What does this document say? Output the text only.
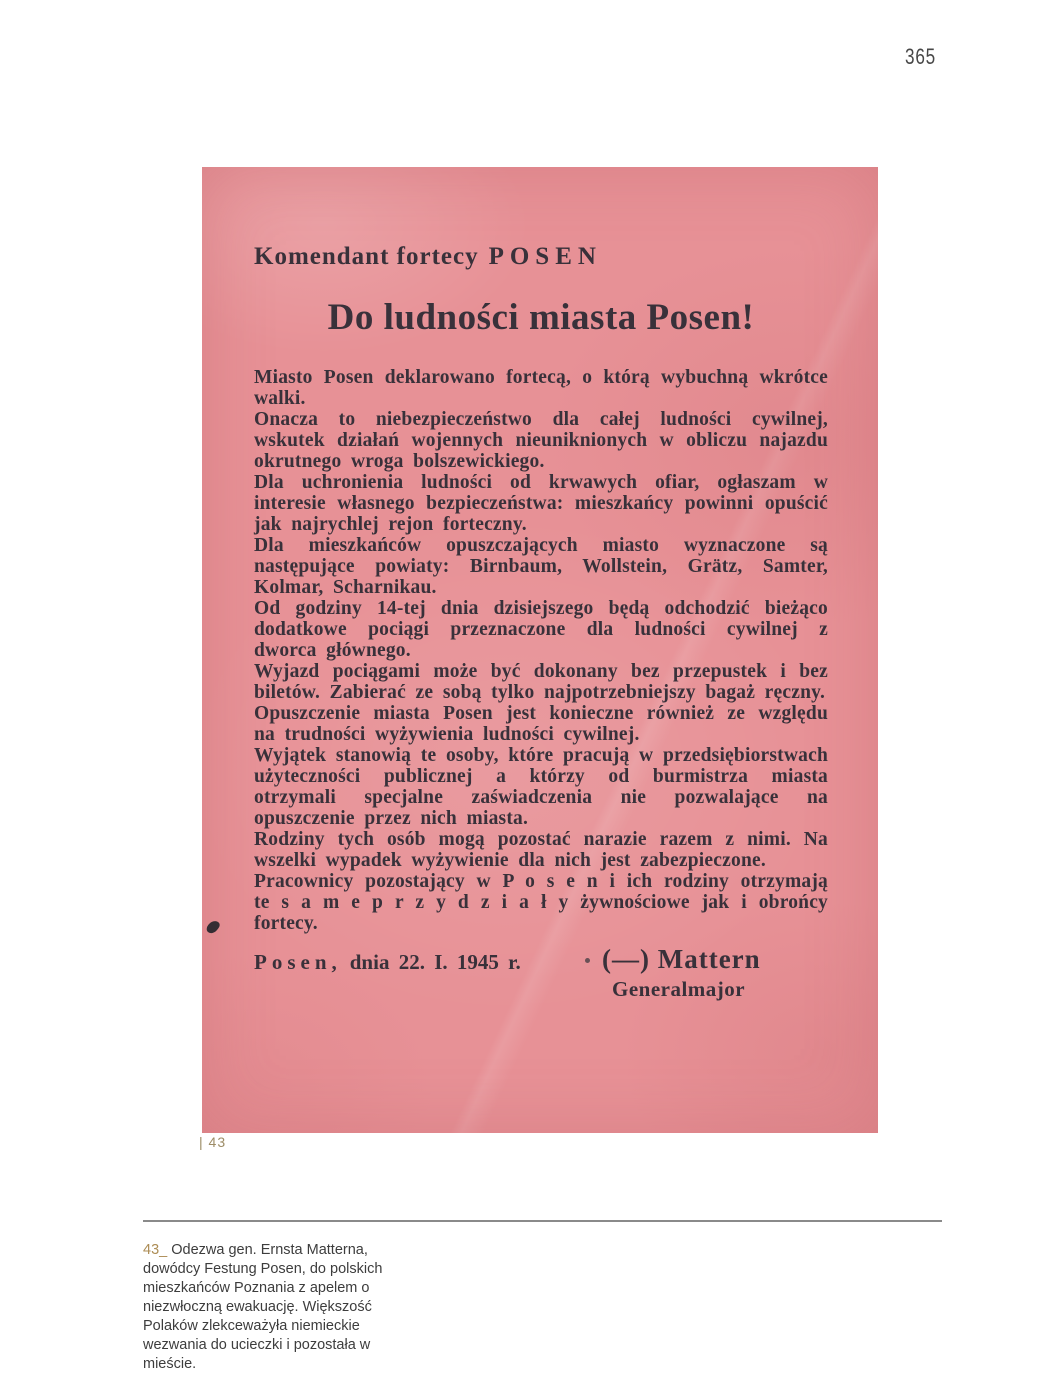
365
Komendant fortecy POSEN
Do ludności miasta Posen!

Miasto Posen deklarowano fortecą, o którą wybuchną wkrótce walki.

Onacza to niebezpieczeństwo dla całej ludności cywilnej, wskutek działań wojennych nieuniknionych w obliczu najazdu okrutnego wroga bolszewickiego.

Dla uchronienia ludności od krwawych ofiar, ogłaszam w interesie własnego bezpieczeństwa: mieszkańcy powinni opuścić jak najrychlej rejon forteczny.

Dla mieszkańców opuszczających miasto wyznaczone są następujące powiaty: Birnbaum, Wollstein, Grätz, Samter, Kolmar, Scharnikau.

Od godziny 14-tej dnia dzisiejszego będą odchodzić bieżąco dodatkowe pociągi przeznaczone dla ludności cywilnej z dworca głównego.

Wyjazd pociągami może być dokonany bez przepustek i bez biletów. Zabierać ze sobą tylko najpotrzebniejszy bagaż ręczny.

Opuszczenie miasta Posen jest konieczne również ze względu na trudności wyżywienia ludności cywilnej.

Wyjątek stanowią te osoby, które pracują w przedsiębiorstwach użyteczności publicznej a którzy od burmistrza miasta otrzymali specjalne zaświadczenia nie pozwalające na opuszczenie przez nich miasta.

Rodziny tych osób mogą pozostać narazie razem z nimi. Na wszelki wypadek wyżywienie dla nich jest zabezpieczone.

Pracownicy pozostający w P o s e n i ich rodziny otrzymają te s a m e p r z y d z i a ł y żywnościowe jak i obrońcy fortecy.

Posen, dnia 22. I. 1945 r.	(—) Mattern
Generalmajor
| 43
43_ Odezwa gen. Ernsta Matterna, dowódcy Festung Posen, do polskich mieszkańców Poznania z apelem o niezwłoczną ewakuację. Większość Polaków zlekceważyła niemieckie wezwania do ucieczki i pozostała w mieście.
